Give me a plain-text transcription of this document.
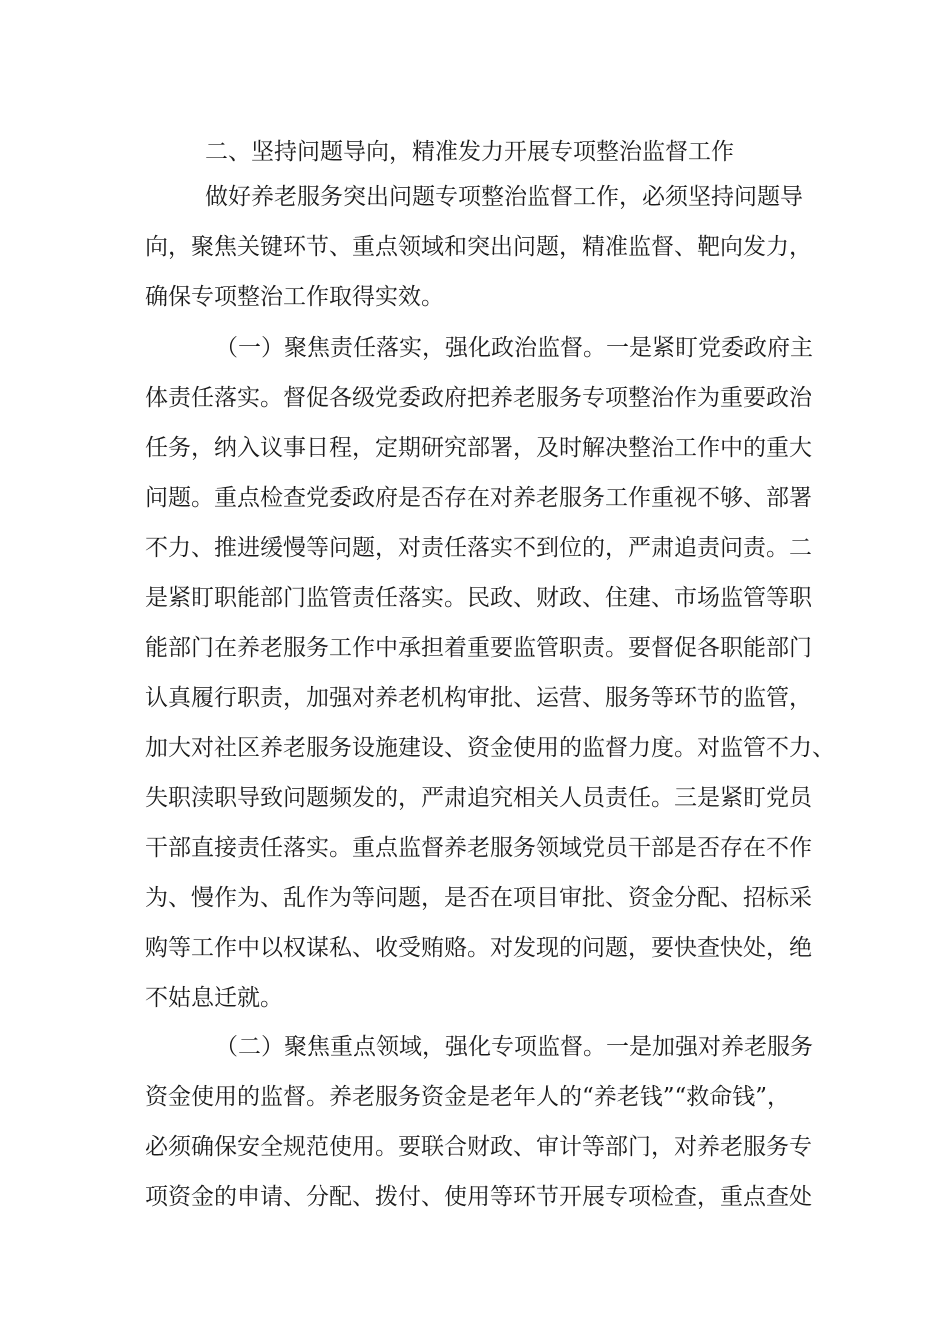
二、坚持问题导向，精准发力开展专项整治监督工作
做好养老服务突出问题专项整治监督工作，必须坚持问题导
向，聚焦关键环节、重点领域和突出问题，精准监督、靶向发力，
确保专项整治工作取得实效。
（一）聚焦责任落实，强化政治监督。一是紧盯党委政府主
体责任落实。督促各级党委政府把养老服务专项整治作为重要政治
任务，纳入议事日程，定期研究部署，及时解决整治工作中的重大
问题。重点检查党委政府是否存在对养老服务工作重视不够、部署
不力、推进缓慢等问题，对责任落实不到位的，严肃追责问责。二
是紧盯职能部门监管责任落实。民政、财政、住建、市场监管等职
能部门在养老服务工作中承担着重要监管职责。要督促各职能部门
认真履行职责，加强对养老机构审批、运营、服务等环节的监管，
加大对社区养老服务设施建设、资金使用的监督力度。对监管不力、
失职渎职导致问题频发的，严肃追究相关人员责任。三是紧盯党员
干部直接责任落实。重点监督养老服务领域党员干部是否存在不作
为、慢作为、乱作为等问题，是否在项目审批、资金分配、招标采
购等工作中以权谋私、收受贿赂。对发现的问题，要快查快处，绝
不姑息迁就。
（二）聚焦重点领域，强化专项监督。一是加强对养老服务
资金使用的监督。养老服务资金是老年人的“养老钱”“救命钱”，
必须确保安全规范使用。要联合财政、审计等部门，对养老服务专
项资金的申请、分配、拨付、使用等环节开展专项检查，重点查处
